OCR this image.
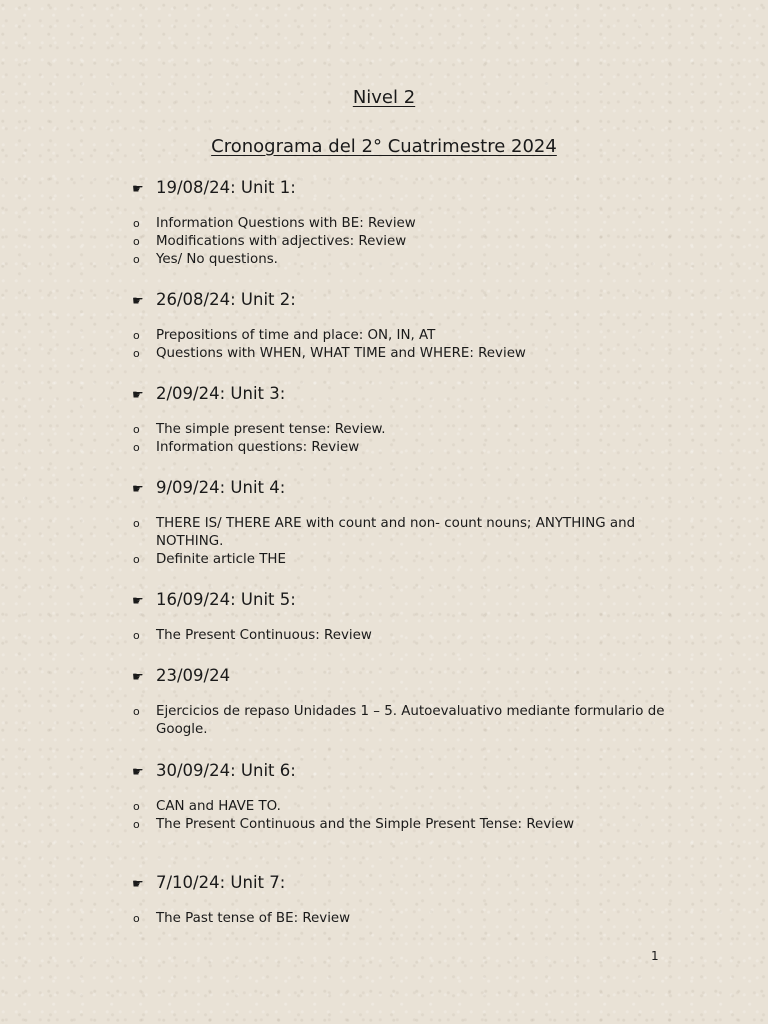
Nivel 2
Cronograma del 2° Cuatrimestre 2024
☛ 19/08/24: Unit 1:
o Information Questions with BE: Review
o Modifications with adjectives: Review
o Yes/ No questions.
☛ 26/08/24: Unit 2:
o Prepositions of time and place: ON, IN, AT
o Questions with WHEN, WHAT TIME and WHERE: Review
☛ 2/09/24: Unit 3:
o The simple present tense: Review.
o Information questions: Review
☛ 9/09/24: Unit 4:
o THERE IS/ THERE ARE with count and non- count nouns; ANYTHING and NOTHING.
o Definite article THE
☛ 16/09/24: Unit 5:
o The Present Continuous: Review
☛ 23/09/24
o Ejercicios de repaso Unidades 1 – 5. Autoevaluativo mediante formulario de Google.
☛ 30/09/24: Unit 6:
o CAN and HAVE TO.
o The Present Continuous and the Simple Present Tense: Review
☛ 7/10/24: Unit 7:
o The Past tense of BE: Review
1
